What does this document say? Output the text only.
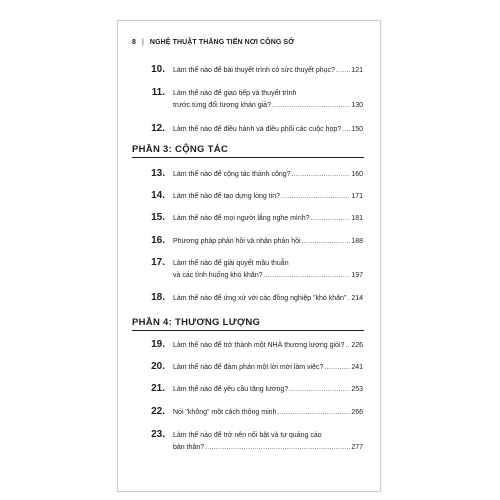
8 | NGHỆ THUẬT THĂNG TIẾN NƠI CÔNG SỞ
10. Làm thế nào để bài thuyết trình có sức thuyết phục? ..... 121
11. Làm thế nào để giao tiếp và thuyết trình
trước từng đối tượng khán giả? .....	130
12. Làm thế nào để điều hành và điều phối các cuộc họp? ..... 150
PHẦN 3: CỘNG TÁC
13. Làm thế nào để cộng tác thành công? .....	160
14. Làm thế nào để tạo dựng lòng tin? .....	171
15. Làm thế nào để mọi người lắng nghe mình? .....	181
16. Phương pháp phản hồi và nhận phản hồi .....	188
17. Làm thế nào để giải quyết mâu thuẫn
và các tình huống khó khăn? .....	197
18. Làm thế nào để ứng xử với các đồng nghiệp "khó khăn" ..... 214
PHẦN 4: THƯƠNG LƯỢNG
19. Làm thế nào để trở thành một NHÀ thương lượng giỏi? ..... 226
20. Làm thế nào để đàm phán một lời mời làm việc? .....	241
21. Làm thế nào để yêu cầu tăng lương? .....	253
22. Nói "không" một cách thông minh .....	266
23. Làm thế nào để trở nên nổi bật và tự quảng cáo
bản thân? .....	277
